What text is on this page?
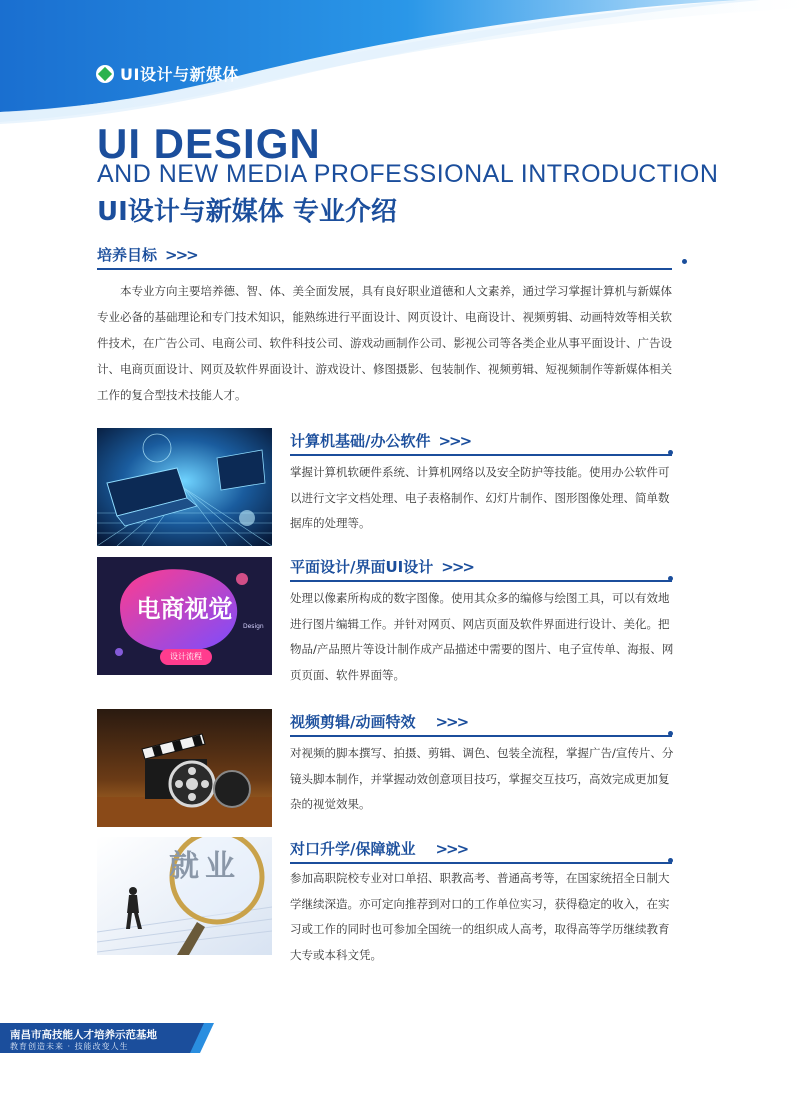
UI设计与新媒体
UI DESIGN
AND NEW MEDIA PROFESSIONAL INTRODUCTION
UI设计与新媒体 专业介绍
培养目标 >>>

本专业方向主要培养德、智、体、美全面发展，具有良好职业道德和人文素养，通过学习掌握计算机与新媒体专业必备的基础理论和专门技术知识，能熟练进行平面设计、网页设计、电商设计、视频剪辑、动画特效等相关软件技术，在广告公司、电商公司、软件科技公司、游戏动画制作公司、影视公司等各类企业从事平面设计、广告设计、电商页面设计、网页及软件界面设计、游戏设计、修图摄影、包装制作、视频剪辑、短视频制作等新媒体相关工作的复合型技术技能人才。

计算机基础/办公软件 >>>

掌握计算机软硬件系统、计算机网络以及安全防护等技能。使用办公软件可以进行文字文档处理、电子表格制作、幻灯片制作、图形图像处理、简单数据库的处理等。

电商视觉
设计流程
Design
平面设计/界面UI设计 >>>

处理以像素所构成的数字图像。使用其众多的编修与绘图工具，可以有效地进行图片编辑工作。并针对网页、网店页面及软件界面进行设计、美化。把物品/产品照片等设计制作成产品描述中需要的图片、电子宣传单、海报、网页页面、软件界面等。

视频剪辑/动画特效 >>>

对视频的脚本撰写、拍摄、剪辑、调色、包装全流程，掌握广告/宣传片、分镜头脚本制作，并掌握动效创意项目技巧，掌握交互技巧，高效完成更加复杂的视觉效果。

就业	对口升学/保障就业 >>>

参加高职院校专业对口单招、职教高考、普通高考等，在国家统招全日制大学继续深造。亦可定向推荐到对口的工作单位实习，获得稳定的收入，在实习或工作的同时也可参加全国统一的组织成人高考，取得高等学历继续教育大专或本科文凭。

南昌市高技能人才培养示范基地
教育创造未来 · 技能改变人生
